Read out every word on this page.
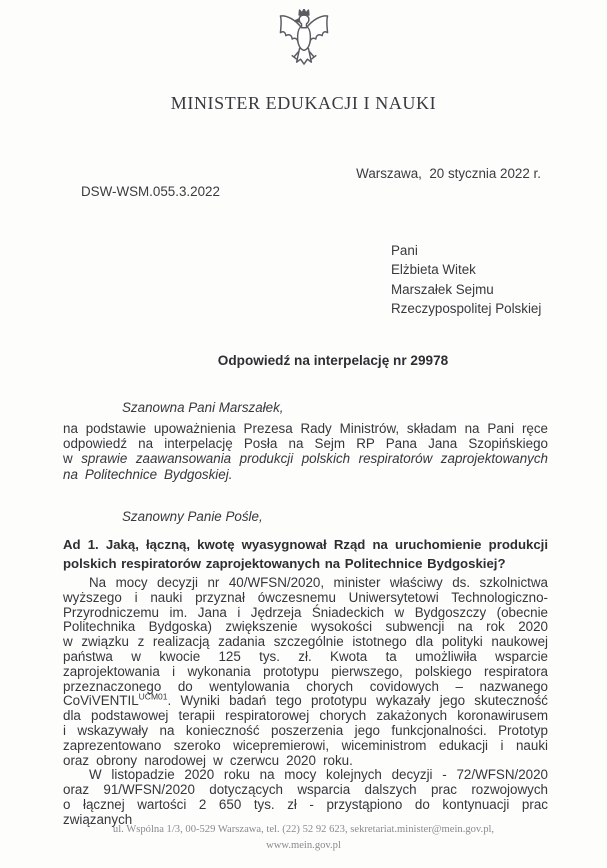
MINISTER EDUKACJI I NAUKI
Warszawa,  20 stycznia 2022 r.
DSW-WSM.055.3.2022
Pani
Elżbieta Witek
Marszałek Sejmu
Rzeczypospolitej Polskiej
Odpowiedź na interpelację nr 29978
Szanowna Pani Marszałek,

na podstawie upoważnienia Prezesa Rady Ministrów, składam na Pani ręce odpowiedź na interpelację Posła na Sejm RP Pana Jana Szopińskiego w sprawie zaawansowania produkcji polskich respiratorów zaprojektowanych na Politechnice Bydgoskiej.

Szanowny Panie Pośle,
Ad 1. Jaką, łączną, kwotę wyasygnował Rząd na uruchomienie produkcji polskich respiratorów zaprojektowanych na Politechnice Bydgoskiej?

Na mocy decyzji nr 40/WFSN/2020, minister właściwy ds. szkolnictwa wyższego i nauki przyznał ówczesnemu Uniwersytetowi Technologiczno-Przyrodniczemu im. Jana i Jędrzeja Śniadeckich w Bydgoszczy (obecnie Politechnika Bydgoska) zwiększenie wysokości subwencji na rok 2020 w związku z realizacją zadania szczególnie istotnego dla polityki naukowej państwa w kwocie 125 tys. zł. Kwota ta umożliwiła wsparcie zaprojektowania i wykonania prototypu pierwszego, polskiego respiratora przeznaczonego do wentylowania chorych covidowych – nazwanego CoViVENTIL$^{UCM01}$. Wyniki badań tego prototypu wykazały jego skuteczność dla podstawowej terapii respiratorowej chorych zakażonych koronawirusem i wskazywały na konieczność poszerzenia jego funkcjonalności. Prototyp zaprezentowano szeroko wicepremierowi, wiceministrom edukacji i nauki oraz obrony narodowej w czerwcu 2020 roku.

W listopadzie 2020 roku na mocy kolejnych decyzji - 72/WFSN/2020 oraz 91/WFSN/2020 dotyczących wsparcia dalszych prac rozwojowych o łącznej wartości 2 650 tys. zł - przystąpiono do kontynuacji prac związanych

ul. Wspólna 1/3, 00-529 Warszawa, tel. (22) 52 92 623, sekretariat.minister@mein.gov.pl,
www.mein.gov.pl
